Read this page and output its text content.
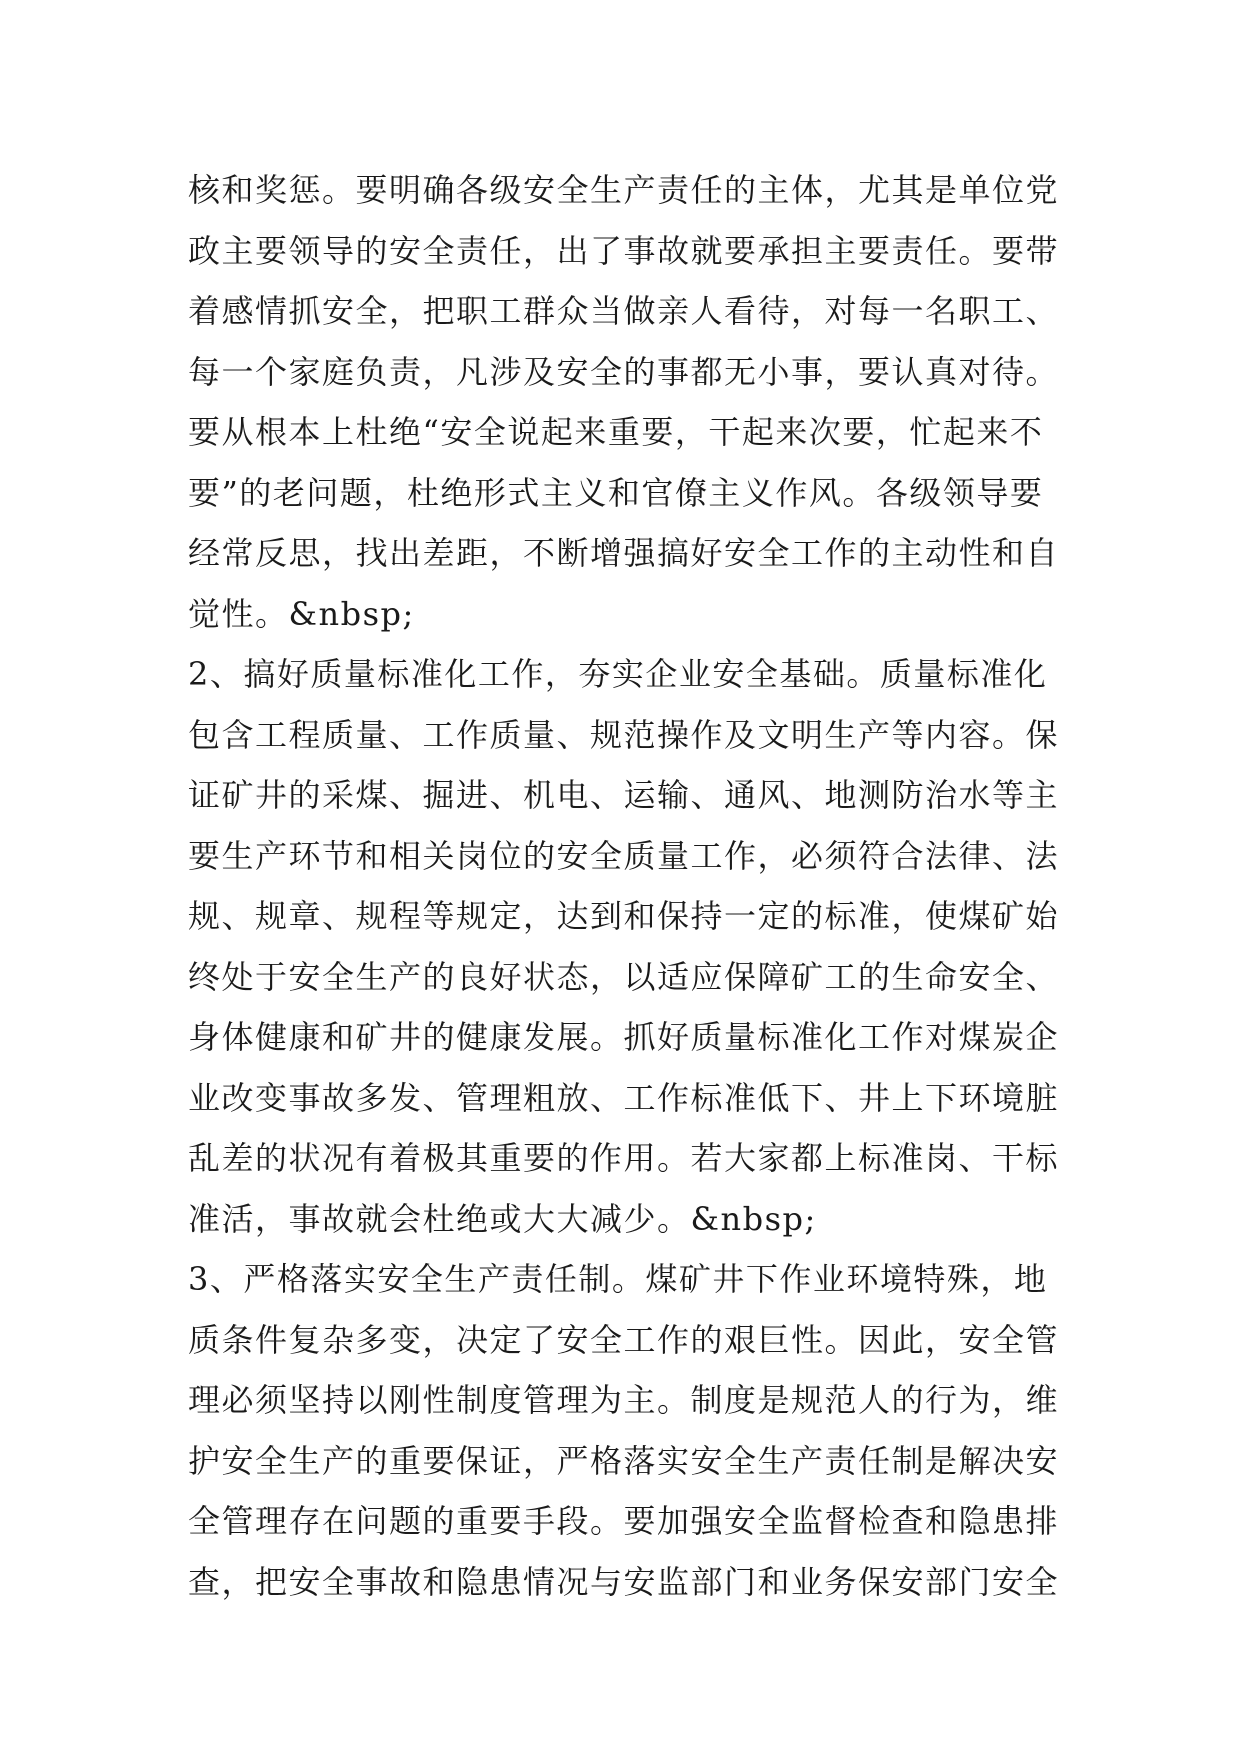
核和奖惩。要明确各级安全生产责任的主体，尤其是单位党
政主要领导的安全责任，出了事故就要承担主要责任。要带
着感情抓安全，把职工群众当做亲人看待，对每一名职工、
每一个家庭负责，凡涉及安全的事都无小事，要认真对待。
要从根本上杜绝“安全说起来重要，干起来次要，忙起来不
要”的老问题，杜绝形式主义和官僚主义作风。各级领导要
经常反思，找出差距，不断增强搞好安全工作的主动性和自
觉性。&nbsp;
2、搞好质量标准化工作，夯实企业安全基础。质量标准化
包含工程质量、工作质量、规范操作及文明生产等内容。保
证矿井的采煤、掘进、机电、运输、通风、地测防治水等主
要生产环节和相关岗位的安全质量工作，必须符合法律、法
规、规章、规程等规定，达到和保持一定的标准，使煤矿始
终处于安全生产的良好状态，以适应保障矿工的生命安全、
身体健康和矿井的健康发展。抓好质量标准化工作对煤炭企
业改变事故多发、管理粗放、工作标准低下、井上下环境脏
乱差的状况有着极其重要的作用。若大家都上标准岗、干标
准活，事故就会杜绝或大大减少。&nbsp;
3、严格落实安全生产责任制。煤矿井下作业环境特殊，地
质条件复杂多变，决定了安全工作的艰巨性。因此，安全管
理必须坚持以刚性制度管理为主。制度是规范人的行为，维
护安全生产的重要保证，严格落实安全生产责任制是解决安
全管理存在问题的重要手段。要加强安全监督检查和隐患排
查，把安全事故和隐患情况与安监部门和业务保安部门安全
